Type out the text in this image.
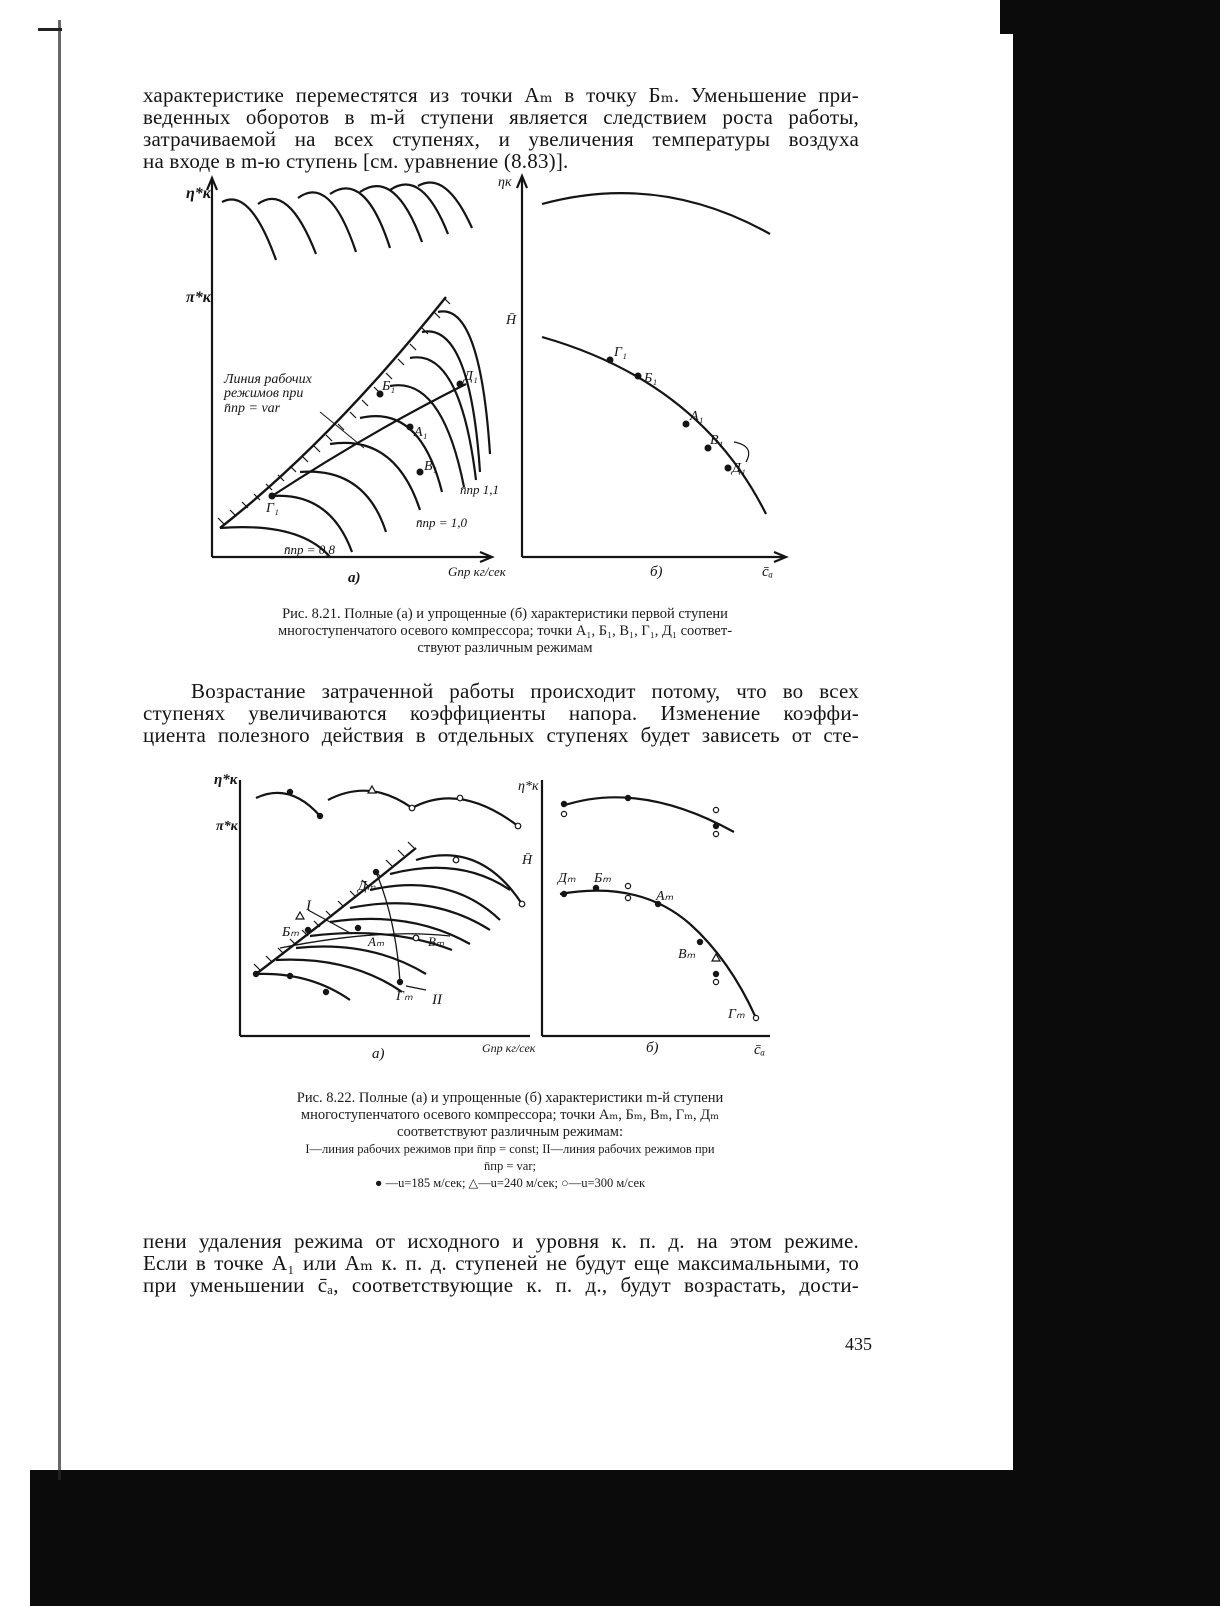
характеристике переместятся из точки Аₘ в точку Бₘ. Уменьшение при-
веденных оборотов в m-й ступени является следствием роста работы,
затрачиваемой на всех ступенях, и увеличения температуры воздуха
на входе в m-ю ступень [см. уравнение (8.83)].
η*к
π*к
Линия рабочих
режимов при
n̄пр = var
Б₁
Д₁
А₁
В₁
Г₁
n̄пр 1,1
n̄пр = 1,0
n̄пр = 0,8
а)	Gпр кг/сек
ηк
H̄
Г₁
Б₁
А₁
В₁
Д₁
б)	c̄ₐ
Рис. 8.21. Полные (а) и упрощенные (б) характеристики первой ступени
многоступенчатого осевого компрессора; точки А₁, Б₁, В₁, Г₁, Д₁ соответ-
ствуют различным режимам
Возрастание затраченной работы происходит потому, что во всех
ступенях увеличиваются коэффициенты напора. Изменение коэффи-
циента полезного действия в отдельных ступенях будет зависеть от сте-
η*к
π*к
Дₘ
Бₘ
Аₘ	Вₘ
Гₘ
I
II
а)	Gпр кг/сек
η*к
H̄
Дₘ Бₘ
Аₘ
Вₘ
Гₘ
б)	c̄ₐ
Рис. 8.22. Полные (а) и упрощенные (б) характеристики m-й ступени
многоступенчатого осевого компрессора; точки Аₘ, Бₘ, Вₘ, Гₘ, Дₘ
соответствуют различным режимам:
I—линия рабочих режимов при n̄пр = const; II—линия рабочих режимов при
n̄пр = var;
● —u=185 м/сек; △—u=240 м/сек; ○—u=300 м/сек
пени удаления режима от исходного и уровня к. п. д. на этом режиме.
Если в точке А₁ или Аₘ к. п. д. ступеней не будут еще максимальными, то
при уменьшении c̄ₐ, соответствующие к. п. д., будут возрастать, дости-
435
